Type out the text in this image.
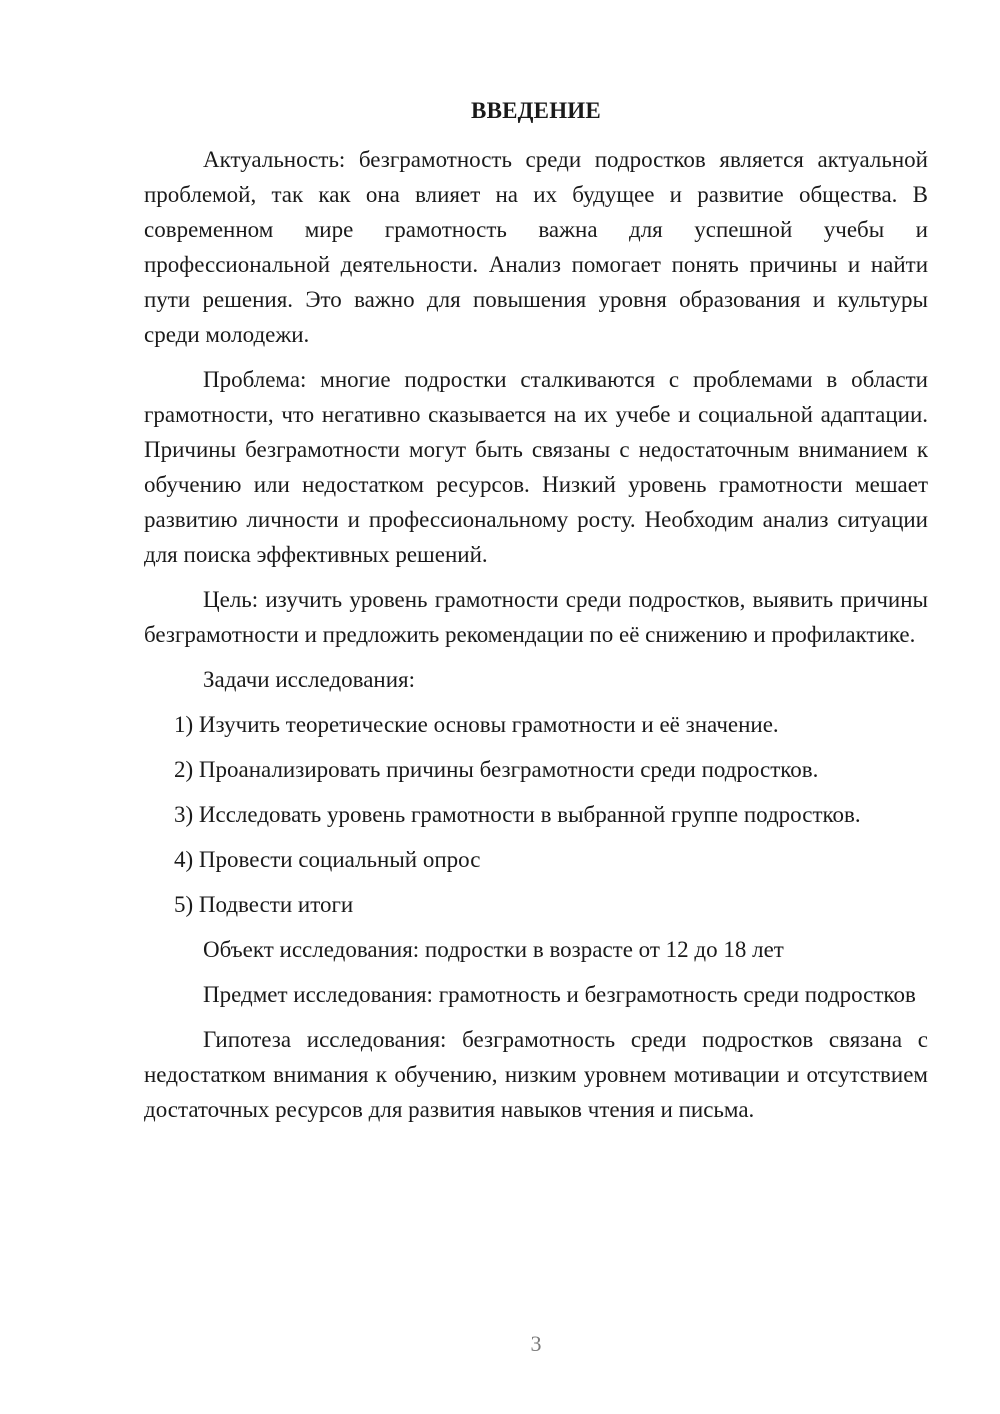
ВВЕДЕНИЕ

Актуальность: безграмотность среди подростков является актуальной проблемой, так как она влияет на их будущее и развитие общества. В современном мире грамотность важна для успешной учебы и профессиональной деятельности. Анализ помогает понять причины и найти пути решения. Это важно для повышения уровня образования и культуры среди молодежи.

Проблема: многие подростки сталкиваются с проблемами в области грамотности, что негативно сказывается на их учебе и социальной адаптации. Причины безграмотности могут быть связаны с недостаточным вниманием к обучению или недостатком ресурсов. Низкий уровень грамотности мешает развитию личности и профессиональному росту. Необходим анализ ситуации для поиска эффективных решений.

Цель: изучить уровень грамотности среди подростков, выявить причины безграмотности и предложить рекомендации по её снижению и профилактике.

Задачи исследования:

1) Изучить теоретические основы грамотности и её значение.
2) Проанализировать причины безграмотности среди подростков.
3) Исследовать уровень грамотности в выбранной группе подростков.
4) Провести социальный опрос
5) Подвести итоги

Объект исследования: подростки в возрасте от 12 до 18 лет

Предмет исследования: грамотность и безграмотность среди подростков

Гипотеза исследования: безграмотность среди подростков связана с недостатком внимания к обучению, низким уровнем мотивации и отсутствием достаточных ресурсов для развития навыков чтения и письма.

3
